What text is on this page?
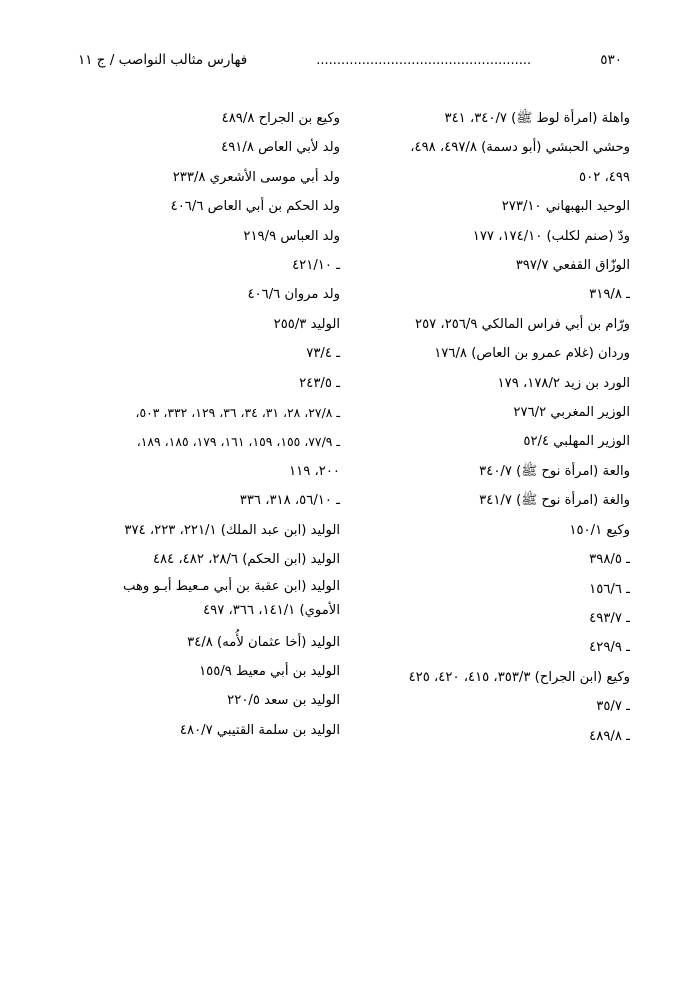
فهارس مثالب النواصب / ج ١١	....................................................	٥٣٠
واهلة (امرأة لوط ﷺ) ٣٤٠/٧، ٣٤١
وحشي الحبشي (أبو دسمة) ٤٩٧/٨، ٤٩٨،
٤٩٩، ٥٠٢
الوحيد البهبهاني ٢٧٣/١٠
ودّ (صنم لكلب) ١٧٤/١٠، ١٧٧
الوزّاق القفعي ٣٩٧/٧
ـ ٣١٩/٨
ورّام بن أبي فراس المالكي ٢٥٦/٩، ٢٥٧
وردان (غلام عمرو بن العاص) ١٧٦/٨
الورد بن زيد ١٧٨/٢، ١٧٩
الوزير المغربي ٢٧٦/٢
الوزير المهلبي ٥٢/٤
والعة (امرأة نوح ﷺ) ٣٤٠/٧
والغة (امرأة نوح ﷺ) ٣٤١/٧
وكيع ١٥٠/١
ـ ٣٩٨/٥
ـ ١٥٦/٦
ـ ٤٩٣/٧
ـ ٤٢٩/٩
وكيع (ابن الجراح) ٣٥٣/٣، ٤١٥، ٤٢٠، ٤٢٥
ـ ٣٥/٧
ـ ٤٨٩/٨
وكيع بن الجراح ٤٨٩/٨
ولد لأبي العاص ٤٩١/٨
ولد أبي موسى الأشعري ٢٣٣/٨
ولد الحكم بن أبي العاص ٤٠٦/٦
ولد العباس ٢١٩/٩
ـ ٤٢١/١٠
ولد مروان ٤٠٦/٦
الوليد ٢٥٥/٣
ـ ٧٣/٤
ـ ٢٤٣/٥
ـ ٢٧/٨، ٢٨، ٣١، ٣٤، ٣٦، ١٢٩، ٣٣٢، ٥٠٣،
ـ ٧٧/٩، ١٥٥، ١٥٩، ١٦١، ١٧٩، ١٨٥، ١٨٩،
٢٠٠، ١١٩
ـ ٥٦/١٠، ٣١٨، ٣٣٦
الوليد (ابن عبد الملك) ٢٢١/١، ٢٢٣، ٣٧٤
الوليد (ابن الحكم) ٢٨/٦، ٤٨٢، ٤٨٤
الوليد (ابن عقبة بن أبي مـعيط أبـو وهب
الأموي) ١٤١/١، ٣٦٦، ٤٩٧
الوليد (أخا عثمان لأُمه) ٣٤/٨
الوليد بن أبي معيط ١٥٥/٩
الوليد بن سعد ٢٢٠/٥
الوليد بن سلمة القتيبي ٤٨٠/٧
